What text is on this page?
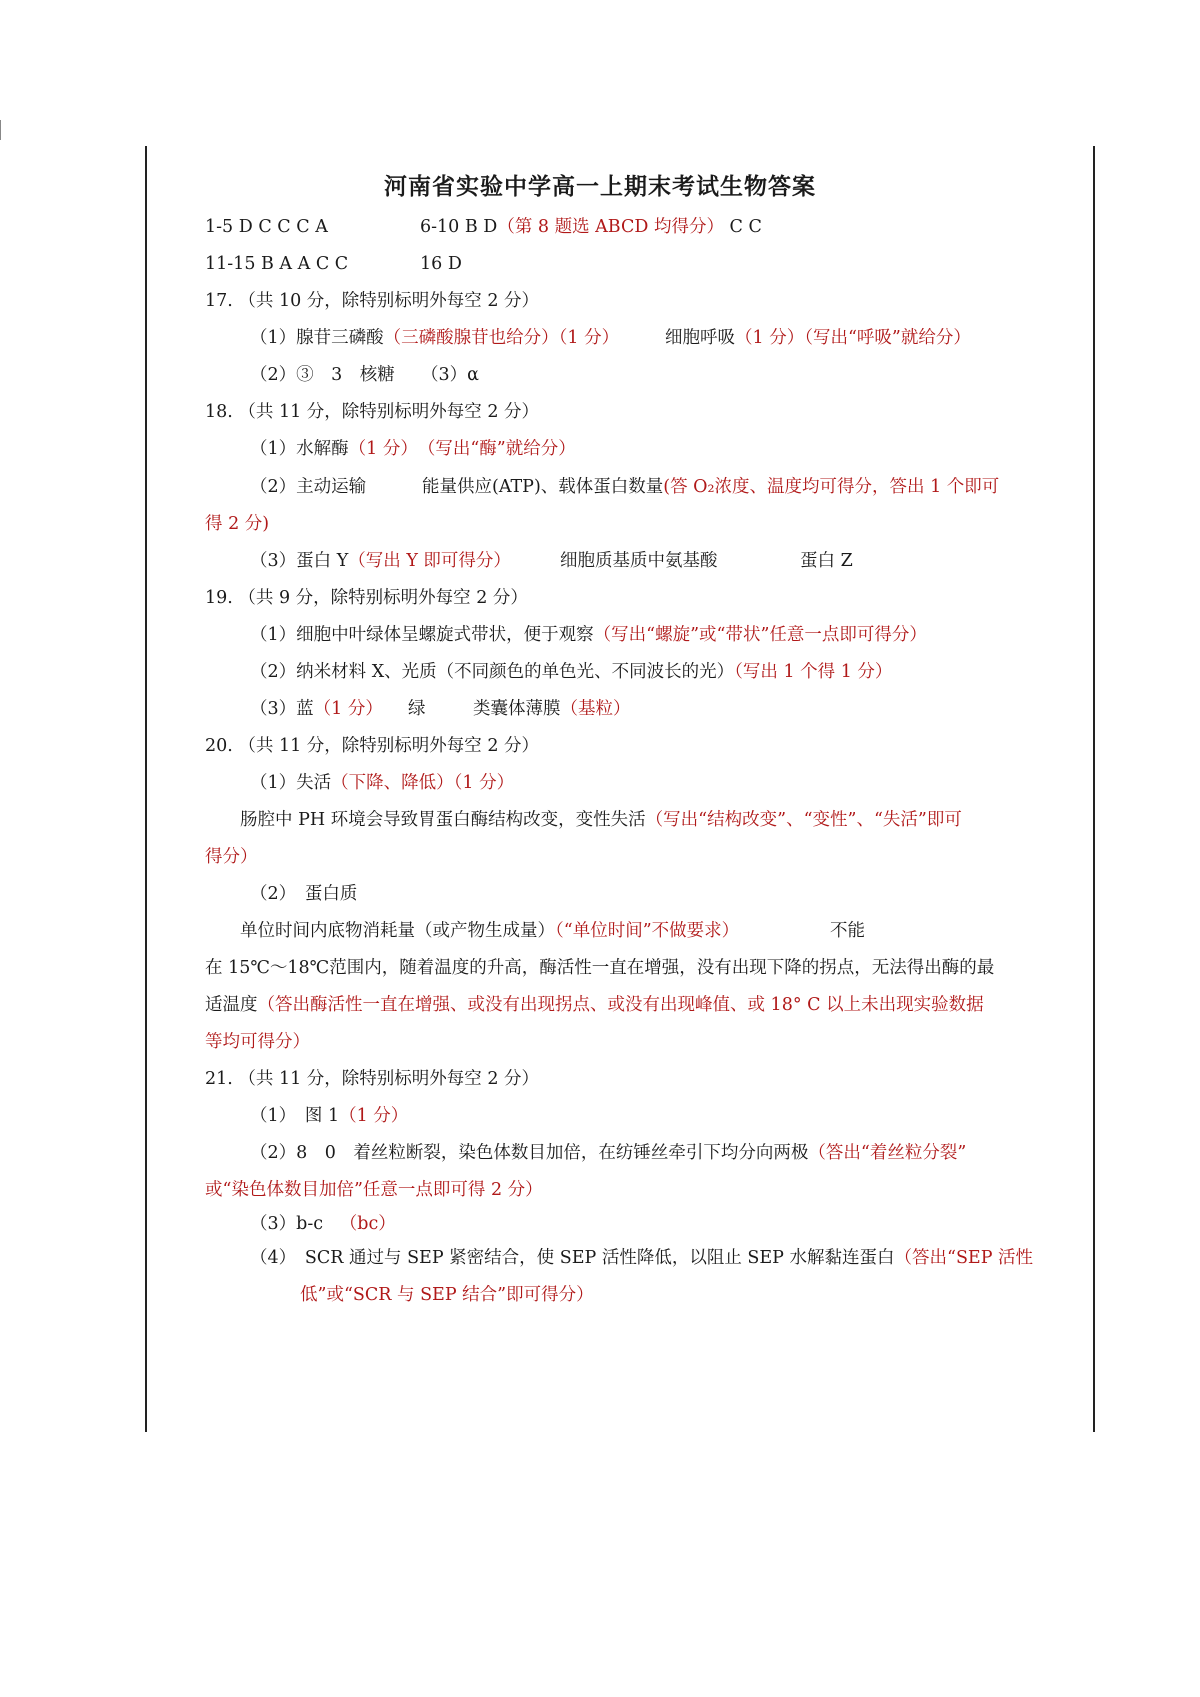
河南省实验中学高一上期末考试生物答案
1-5 D C C C A	6-10 B D（第 8 题选 ABCD 均得分） C C
11-15 B A A C C	16 D
17. （共 10 分，除特别标明外每空 2 分）
（1）腺苷三磷酸（三磷酸腺苷也给分）（1 分）	细胞呼吸（1 分）（写出“呼吸”就给分）
（2）③　3　核糖　　（3）α
18. （共 11 分，除特别标明外每空 2 分）
（1）水解酶（1 分）　（写出“酶”就给分）
（2）主动运输	能量供应(ATP)、载体蛋白数量(答 O₂浓度、温度均可得分，答出 1 个即可
得 2 分)
（3）蛋白 Y（写出 Y 即可得分）	细胞质基质中氨基酸	蛋白 Z
19. （共 9 分，除特别标明外每空 2 分）
（1）细胞中叶绿体呈螺旋式带状，便于观察（写出“螺旋”或“带状”任意一点即可得分）
（2）纳米材料 X、光质（不同颜色的单色光、不同波长的光）（写出 1 个得 1 分）
（3）蓝（1 分） 绿	类囊体薄膜（基粒）
20. （共 11 分，除特别标明外每空 2 分）
（1）失活（下降、降低）（1 分）
肠腔中 PH 环境会导致胃蛋白酶结构改变，变性失活（写出“结构改变”、“变性”、“失活”即可
得分）
（2）　蛋白质
单位时间内底物消耗量（或产物生成量）（“单位时间”不做要求）	不能
在 15℃～18℃范围内，随着温度的升高，酶活性一直在增强，没有出现下降的拐点，无法得出酶的最
适温度（答出酶活性一直在增强、或没有出现拐点、或没有出现峰值、或 18° C 以上未出现实验数据
等均可得分）
21. （共 11 分，除特别标明外每空 2 分）
（1）　图 1（1 分）
（2）8　0　着丝粒断裂，染色体数目加倍，在纺锤丝牵引下均分向两极（答出“着丝粒分裂”
或“染色体数目加倍”任意一点即可得 2 分）
（3）b-c （bc）
（4）　SCR 通过与 SEP 紧密结合，使 SEP 活性降低，以阻止 SEP 水解黏连蛋白（答出“SEP 活性
低”或“SCR 与 SEP 结合”即可得分）
